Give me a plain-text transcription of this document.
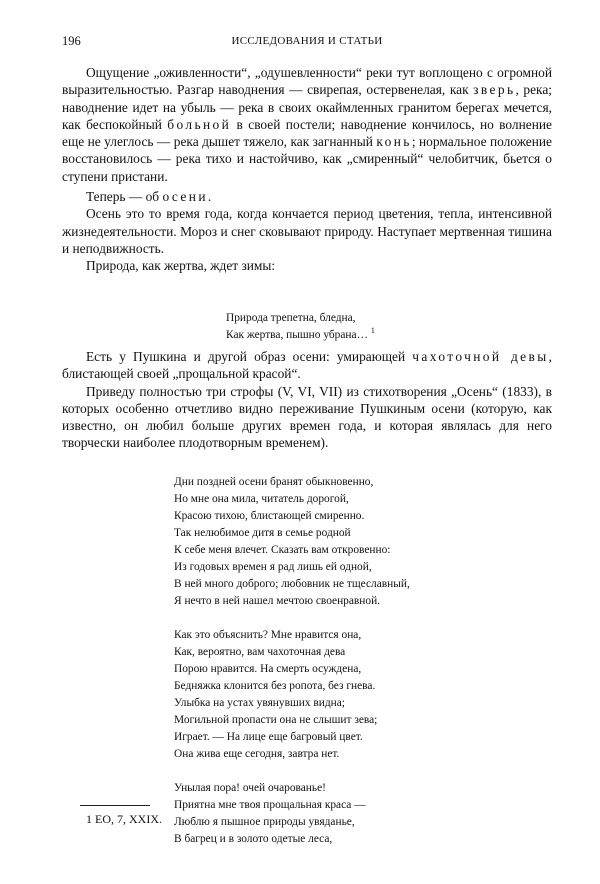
196	ИССЛЕДОВАНИЯ И СТАТЬИ

Ощущение „оживленности“, „одушевленности“ реки тут воплощено с огромной выразительностью. Разгар наводнения — свирепая, остервенелая, как зверь, река; наводнение идет на убыль — река в своих окаймленных гранитом берегах мечется, как беспокойный больной в своей постели; наводнение кончилось, но волнение еще не улеглось — река дышет тяжело, как загнанный конь; нормальное положение восстановилось — река тихо и настойчиво, как „смиренный“ челобитчик, бьется о ступени пристани.

Теперь — об осени.

Осень это то время года, когда кончается период цветения, тепла, интенсивной жизнедеятельности. Мороз и снег сковывают природу. Наступает мертвенная тишина и неподвижность.

Природа, как жертва, ждет зимы:

Природа трепетна, бледна,
Как жертва, пышно убрана… $^1$

Есть у Пушкина и другой образ осени: умирающей чахоточной девы, блистающей своей „прощальной красой“.

Приведу полностью три строфы (V, VI, VII) из стихотворения „Осень“ (1833), в которых особенно отчетливо видно переживание Пушкиным осени (которую, как известно, он любил больше других времен года, и которая являлась для него творчески наиболее плодотворным временем).

Дни поздней осени бранят обыкновенно,
Но мне она мила, читатель дорогой,
Красою тихою, блистающей смиренно.
Так нелюбимое дитя в семье родной
К себе меня влечет. Сказать вам откровенно:
Из годовых времен я рад лишь ей одной,
В ней много доброго; любовник не тщеславный,
Я нечто в ней нашел мечтою своенравной.
Как это объяснить? Мне нравится она,
Как, вероятно, вам чахоточная дева
Порою нравится. На смерть осуждена,
Бедняжка клонится без ропота, без гнева.
Улыбка на устах увянувших видна;
Могильной пропасти она не слышит зева;
Играет. — На лице еще багровый цвет.
Она жива еще сегодня, завтра нет.
Унылая пора! очей очарованье!
Приятна мне твоя прощальная краса —
Люблю я пышное природы увяданье,
В багрец и в золото одетые леса,
1 ЕО, 7, XXIX.
